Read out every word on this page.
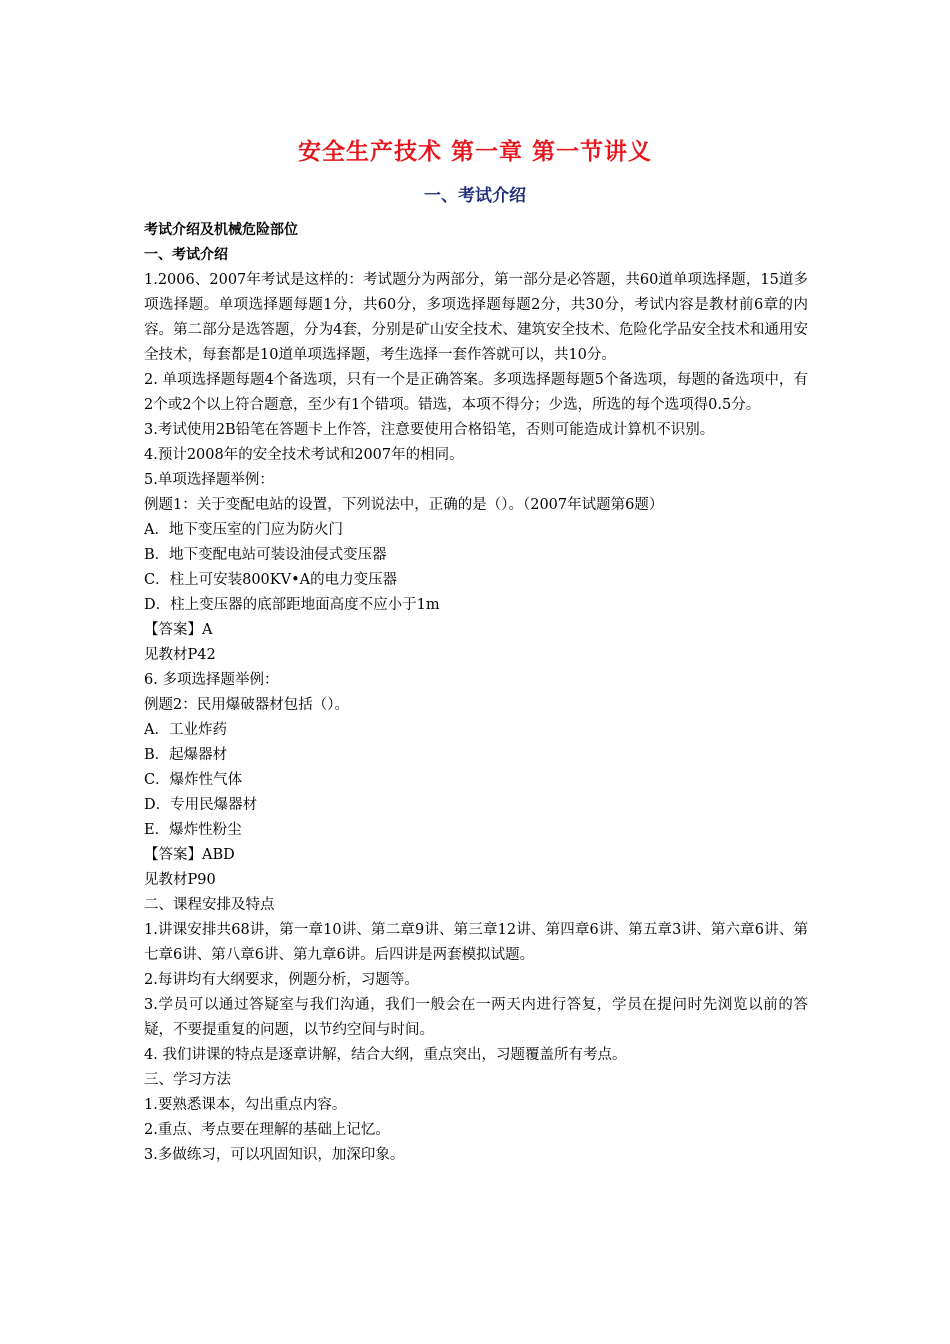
安全生产技术 第一章 第一节讲义
一、考试介绍

考试介绍及机械危险部位

一、考试介绍

1.2006、2007年考试是这样的：考试题分为两部分，第一部分是必答题，共60道单项选择题，15道多项选择题。单项选择题每题1分，共60分，多项选择题每题2分，共30分，考试内容是教材前6章的内容。第二部分是选答题，分为4套，分别是矿山安全技术、建筑安全技术、危险化学品安全技术和通用安全技术，每套都是10道单项选择题，考生选择一套作答就可以，共10分。

2. 单项选择题每题4个备选项，只有一个是正确答案。多项选择题每题5个备选项，每题的备选项中，有2个或2个以上符合题意，至少有1个错项。错选，本项不得分；少选，所选的每个选项得0.5分。

3.考试使用2B铅笔在答题卡上作答，注意要使用合格铅笔，否则可能造成计算机不识别。

4.预计2008年的安全技术考试和2007年的相同。

5.单项选择题举例：

例题1：关于变配电站的设置，下列说法中，正确的是（）。（2007年试题第6题）

A．地下变压室的门应为防火门

B．地下变配电站可装设油侵式变压器

C．柱上可安装800KV•A的电力变压器

D．柱上变压器的底部距地面高度不应小于1m

【答案】A

见教材P42

6. 多项选择题举例：

例题2：民用爆破器材包括（）。

A．工业炸药

B．起爆器材

C．爆炸性气体

D．专用民爆器材

E．爆炸性粉尘

【答案】ABD

见教材P90

二、课程安排及特点

1.讲课安排共68讲，第一章10讲、第二章9讲、第三章12讲、第四章6讲、第五章3讲、第六章6讲、第七章6讲、第八章6讲、第九章6讲。后四讲是两套模拟试题。

2.每讲均有大纲要求，例题分析，习题等。

3.学员可以通过答疑室与我们沟通，我们一般会在一两天内进行答复，学员在提问时先浏览以前的答疑，不要提重复的问题，以节约空间与时间。

4. 我们讲课的特点是逐章讲解，结合大纲，重点突出，习题覆盖所有考点。

三、学习方法

1.要熟悉课本，勾出重点内容。

2.重点、考点要在理解的基础上记忆。

3.多做练习，可以巩固知识，加深印象。
